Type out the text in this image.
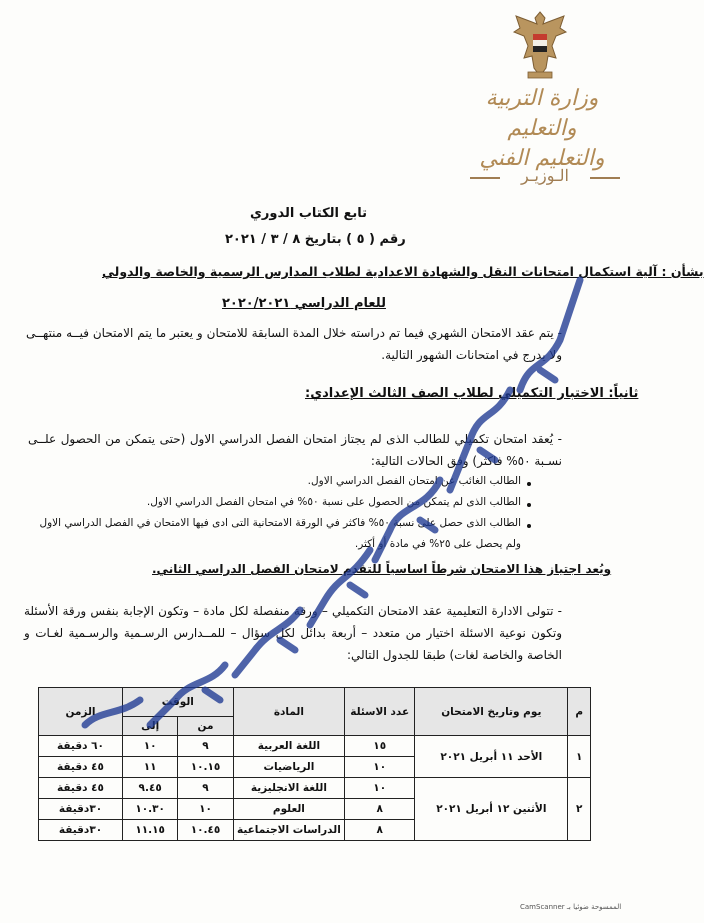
وزارة التربية والتعليم
والتعليم الفني
الـوزيـر
تابع الكتاب الدوري
رقم ( ٥ ) بتاريخ ٨ / ٣ / ٢٠٢١
بشأن : آلية استكمال امتحانات النقل والشهادة الاعدادية لطلاب المدارس الرسمية والخاصة والدولي
للعام الدراسي ٢٠٢٠/٢٠٢١
- يتم عقد الامتحان الشهري فيما تم دراسته خلال المدة السابقة للامتحان و يعتبر ما يتم الامتحان فيــه منتهــى ولا يدرج في امتحانات الشهور التالية.
ثانياً: الاختبار التكميلي لطلاب الصف الثالث الإعدادي:
- يُعقد امتحان تكميلي للطالب الذى لم يجتاز امتحان الفصل الدراسي الاول (حتى يتمكن من الحصول علــى نسـبة ٥٠% فاكثر) وفق الحالات التالية:
الطالب الغائب عن امتحان الفصل الدراسي الاول.
الطالب الذى لم يتمكن من الحصول على نسبة ٥٠% في امتحان الفصل الدراسي الاول.
الطالب الذى حصل على نسبة ٥٠% فاكثر في الورقة الامتحانية التى ادى فيها الامتحان في الفصل الدراسي الاول
ولم يحصل على ٢٥% في مادة أو أكثر.
ويُعد اجتياز هذا الامتحان شرطاً اساسياً للتقدم لامتحان الفصل الدراسي الثاني.
- تتولى الادارة التعليمية عقد الامتحان التكميلي – ورقة منفصلة لكل مادة – وتكون الإجابة بنفس ورقة الأسئلة وتكون نوعية الاسئلة اختيار من متعدد – أربعة بدائل لكل سؤال – للمــدارس الرسـمية والرسـمية لغـات و الخاصة والخاصة لغات) طبقا للجدول التالي:
م	يوم وتاريخ الامتحان	عدد الاسئلة	المادة	الوقت		الزمن
				من	إلى	
١	الأحد ١١ أبريل ٢٠٢١	١٥	اللغة العربية	٩	١٠	٦٠ دقيقة
		١٠	الرياضيات	١٠.١٥	١١	٤٥ دقيقة
٢	الأثنين ١٢ أبريل ٢٠٢١	١٠	اللغة الانجليزية	٩	٩.٤٥	٤٥ دقيقة
		٨	العلوم	١٠	١٠.٣٠	٣٠دقيقة
		٨	الدراسات الاجتماعية	١٠.٤٥	١١.١٥	٣٠دقيقة
الممسوحة ضوئيا بـ CamScanner
